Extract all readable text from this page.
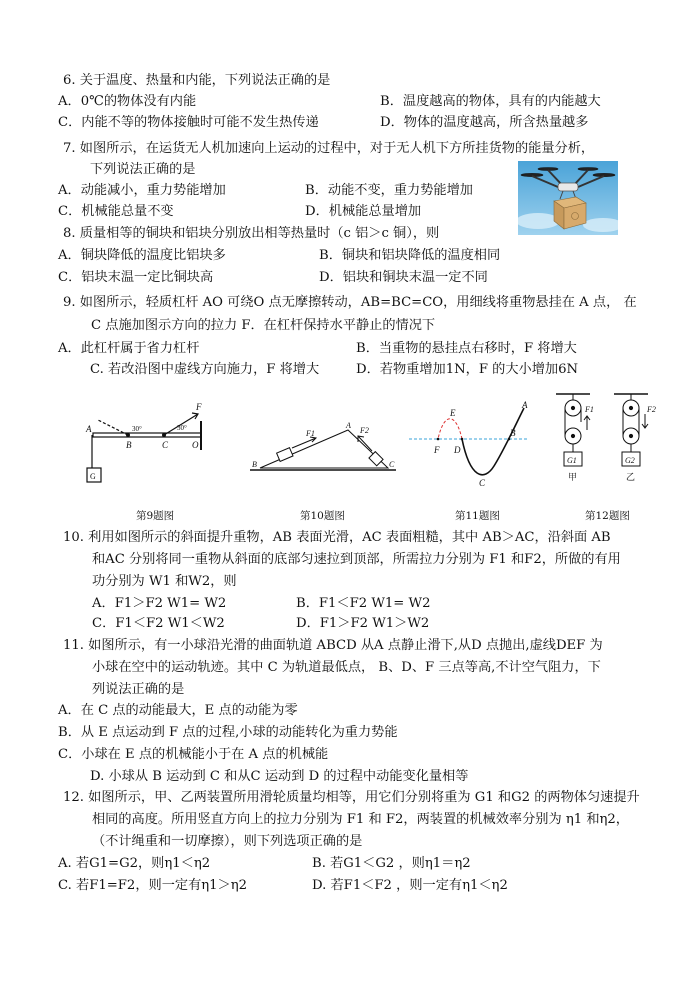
6. 关于温度、热量和内能，下列说法正确的是
A．0℃的物体没有内能	B．温度越高的物体，具有的内能越大
C．内能不等的物体接触时可能不发生热传递	D．物体的温度越高，所含热量越多
7. 如图所示，在运货无人机加速向上运动的过程中，对于无人机下方所挂货物的能量分析，
下列说法正确的是
A．动能减小，重力势能增加	B．动能不变，重力势能增加
C．机械能总量不变	D．机械能总量增加
8. 质量相等的铜块和铝块分别放出相等热量时（c 铝＞c 铜），则
A．铜块降低的温度比铝块多	B．铜块和铝块降低的温度相同
C．铝块末温一定比铜块高	D．铝块和铜块末温一定不同
9. 如图所示，轻质杠杆 AO 可绕O 点无摩擦转动，AB=BC=CO，用细线将重物悬挂在 A 点， 在
C 点施加图示方向的拉力 F．在杠杆保持水平静止的情况下
A．此杠杆属于省力杠杆	B．当重物的悬挂点右移时，F 将增大
C. 若改沿图中虚线方向施力，F 将增大	D．若物重增加1N，F 的大小增加6N
A
B	C	O
F
G
30°	30°
第9题图
B
A
C
F1	F2
第10题图
A
B
C
D
E
F
第11题图
F1	F2
G1	G2
甲	乙
第12题图
10. 利用如图所示的斜面提升重物，AB 表面光滑，AC 表面粗糙，其中 AB＞AC，沿斜面 AB
和AC 分别将同一重物从斜面的底部匀速拉到顶部，所需拉力分别为 F1 和F2，所做的有用
功分别为 W1 和W2，则
A．F1＞F2 W1= W2	B．F1＜F2 W1= W2
C．F1＜F2 W1＜W2	D．F1＞F2 W1＞W2
11. 如图所示，有一小球沿光滑的曲面轨道 ABCD 从A 点静止滑下,从D 点抛出,虚线DEF 为
小球在空中的运动轨迹。其中 C 为轨道最低点， B、D、F 三点等高,不计空气阻力，下
列说法正确的是
A．在 C 点的动能最大，E 点的动能为零
B．从 E 点运动到 F 点的过程,小球的动能转化为重力势能
C．小球在 E 点的机械能小于在 A 点的机械能
D. 小球从 B 运动到 C 和从C 运动到 D 的过程中动能变化量相等
12. 如图所示，甲、乙两装置所用滑轮质量均相等，用它们分别将重为 G1 和G2 的两物体匀速提升
相同的高度。所用竖直方向上的拉力分别为 F1 和 F2，两装置的机械效率分别为 η1 和η2，
（不计绳重和一切摩擦），则下列选项正确的是
A. 若G1=G2，则η1＜η2	B. 若G1＜G2 ，则η1＝η2
C. 若F1=F2，则一定有η1＞η2	D. 若F1＜F2 ，则一定有η1＜η2
